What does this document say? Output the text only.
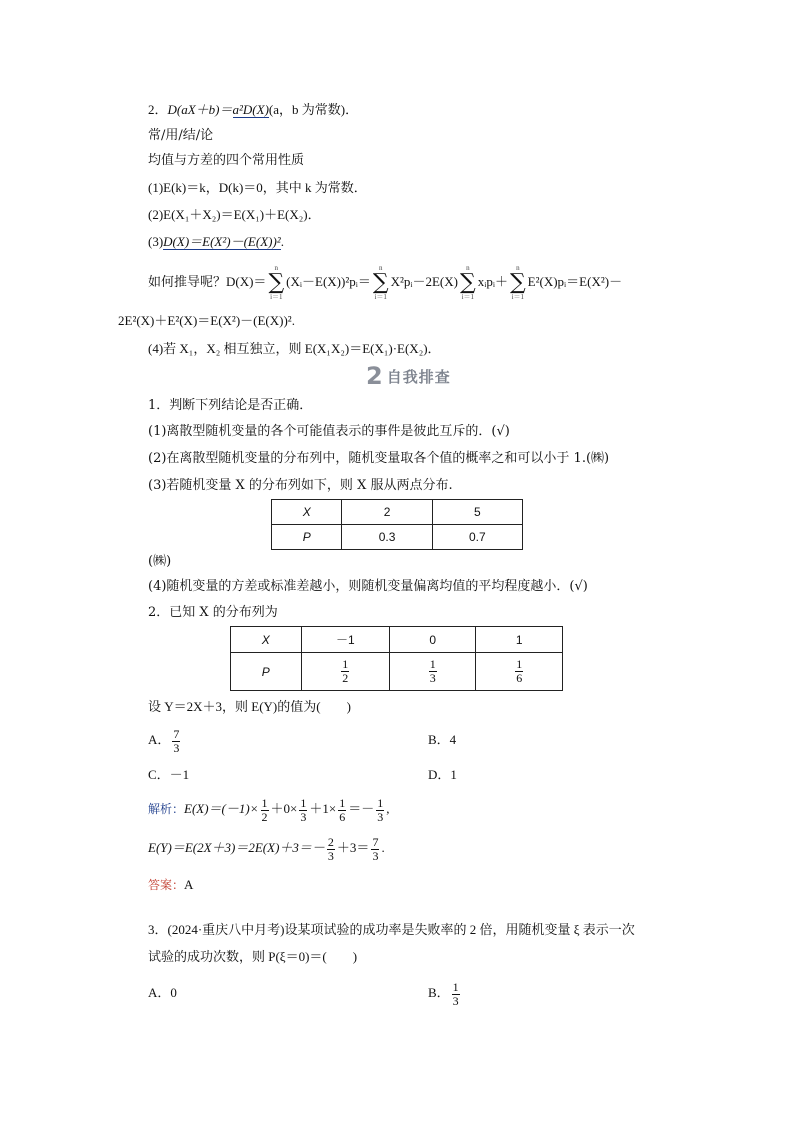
2．D(aX＋b)＝a²D(X)(a，b 为常数)．
常/用/结/论
均值与方差的四个常用性质
(1)E(k)＝k，D(k)＝0，其中 k 为常数．
(2)E(X₁＋X₂)＝E(X₁)＋E(X₂)．
(3)D(X)＝E(X²)－(E(X))².
如何推导呢？D(X)＝
n
∑
i＝1
(Xᵢ－E(X))²pᵢ＝
n
∑
i＝1
X²pᵢ－2E(X)
n
∑
i＝1
xᵢpᵢ＋
n
∑
i＝1
E²(X)pᵢ＝E(X²)－
2E²(X)＋E²(X)＝E(X²)－(E(X))².
(4)若 X₁，X₂ 相互独立，则 E(X₁X₂)＝E(X₁)·E(X₂)．
2 自我排查
1．判断下列结论是否正确．
(1)离散型随机变量的各个可能值表示的事件是彼此互斥的．(√)
(2)在离散型随机变量的分布列中，随机变量取各个值的概率之和可以小于 1.(㈱)
(3)若随机变量 X 的分布列如下，则 X 服从两点分布.
X	2	5
P	0.3	0.7
(㈱)
(4)随机变量的方差或标准差越小，则随机变量偏离均值的平均程度越小．(√)
2．已知 X 的分布列为
X	－1	0	1
P	$\frac{1}{2}$	$\frac{1}{3}$	$\frac{1}{6}$
设 Y＝2X＋3，则 E(Y)的值为(　　)
A． $\frac{7}{3}$	B．4
C．－1	D．1
解析：$E(X)=(-1)\times \frac{1}{2} +0\times \frac{1}{3} +1\times \frac{1}{6} =- \frac{1}{3}$ ,
$E(Y)=E(2X+3)=2E(X)+3=- \frac{2}{3} +3= \frac{7}{3}$ .
答案：A
3．(2024·重庆八中月考)设某项试验的成功率是失败率的 2 倍，用随机变量 ξ 表示一次
试验的成功次数，则 P(ξ＝0)＝(　　)
A．0	B． $\frac{1}{3}$
